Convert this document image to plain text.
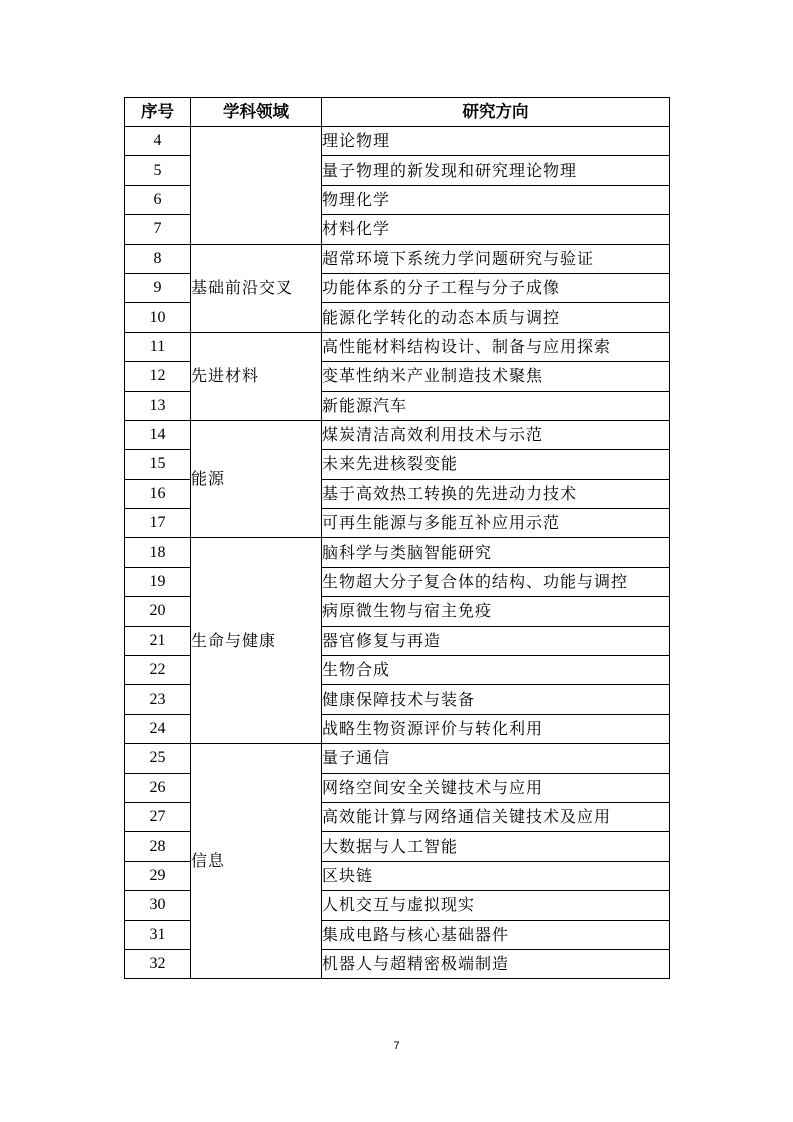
序号	学科领域	研究方向
4		理论物理
5		量子物理的新发现和研究理论物理
6		物理化学
7		材料化学
8	基础前沿交叉	超常环境下系统力学问题研究与验证
9		功能体系的分子工程与分子成像
10		能源化学转化的动态本质与调控
11	先进材料	高性能材料结构设计、制备与应用探索
12		变革性纳米产业制造技术聚焦
13		新能源汽车
14	能源	煤炭清洁高效利用技术与示范
15		未来先进核裂变能
16		基于高效热工转换的先进动力技术
17		可再生能源与多能互补应用示范
18	生命与健康	脑科学与类脑智能研究
19		生物超大分子复合体的结构、功能与调控
20		病原微生物与宿主免疫
21		器官修复与再造
22		生物合成
23		健康保障技术与装备
24		战略生物资源评价与转化利用
25	信息	量子通信
26		网络空间安全关键技术与应用
27		高效能计算与网络通信关键技术及应用
28		大数据与人工智能
29		区块链
30		人机交互与虚拟现实
31		集成电路与核心基础器件
32		机器人与超精密极端制造
7
